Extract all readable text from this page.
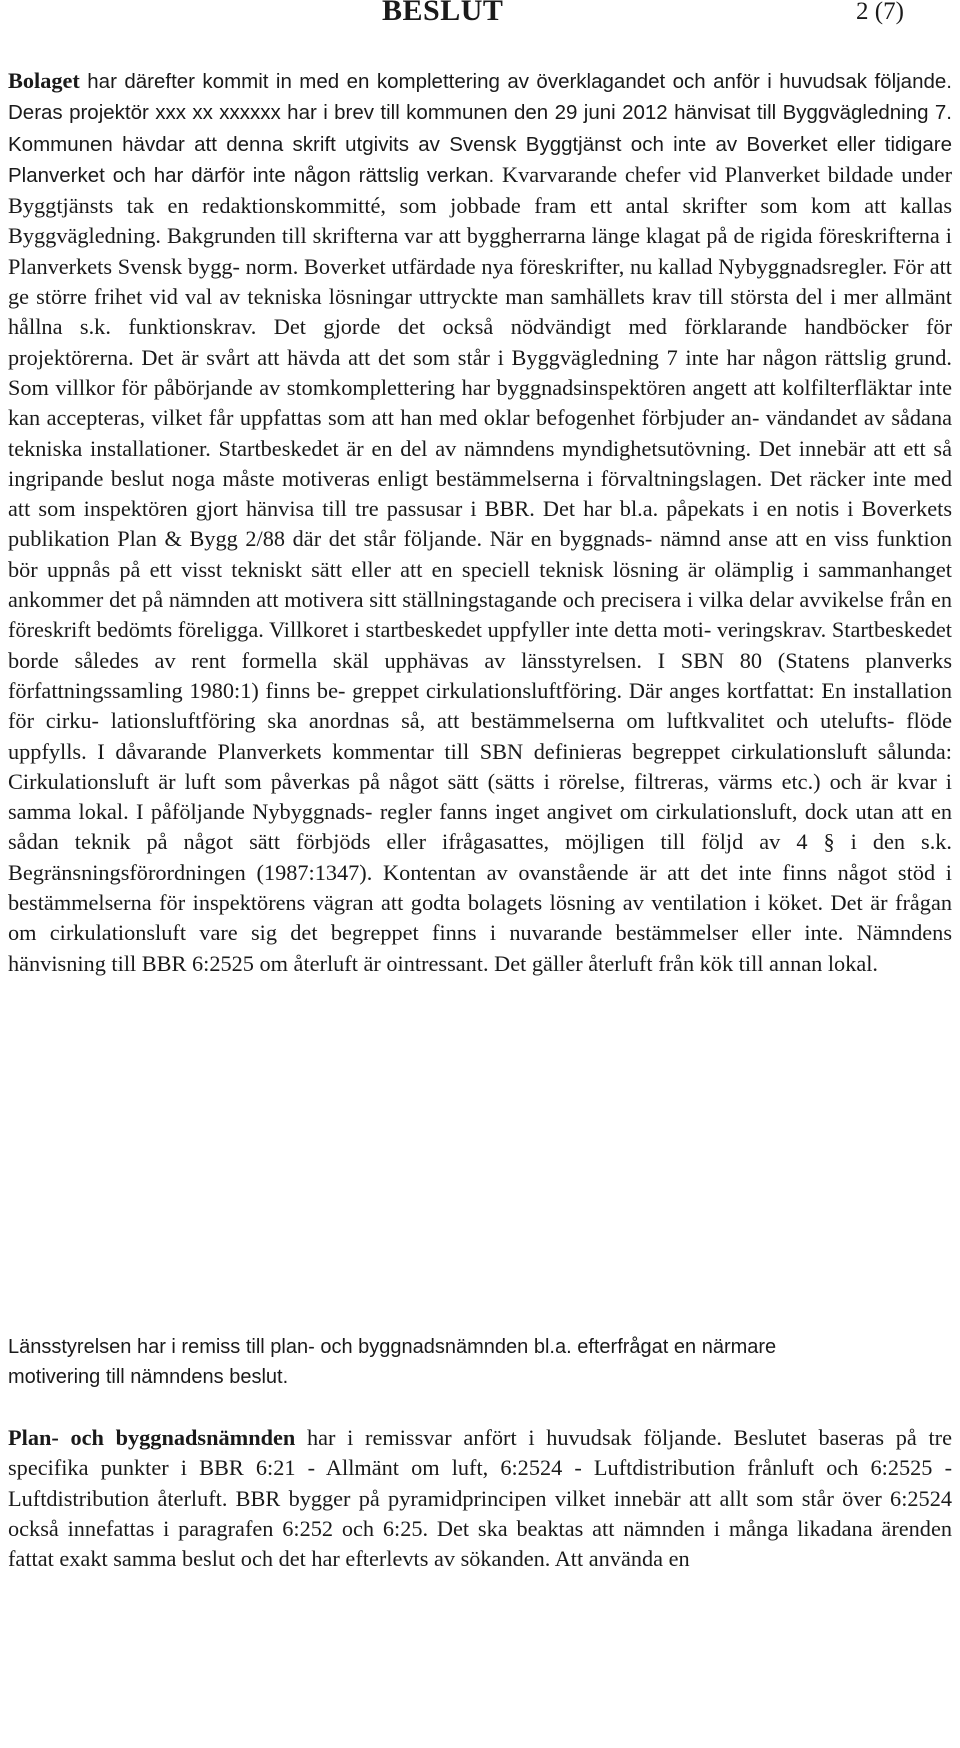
BESLUT	2 (7)

Bolaget har därefter kommit in med en komplettering av överklagandet och anför i huvudsak följande. Deras projektör xxx xx xxxxxx har i brev till kommunen den 29 juni 2012 hänvisat till Byggvägledning 7. Kommunen hävdar att denna skrift utgivits av Svensk Byggtjänst och inte av Boverket eller tidigare Planverket och har därför inte någon rättslig verkan. Kvarvarande chefer vid Planverket bildade under Byggtjänsts tak en redaktionskommitté, som jobbade fram ett antal skrifter som kom att kallas Byggvägledning. Bakgrunden till skrifterna var att byggherrarna länge klagat på de rigida föreskrifterna i Planverkets Svensk bygg- norm. Boverket utfärdade nya föreskrifter, nu kallad Nybyggnadsregler. För att ge större frihet vid val av tekniska lösningar uttryckte man samhällets krav till största del i mer allmänt hållna s.k. funktionskrav. Det gjorde det också nödvändigt med förklarande handböcker för projektörerna. Det är svårt att hävda att det som står i Byggvägledning 7 inte har någon rättslig grund. Som villkor för påbörjande av stomkomplettering har byggnadsinspektören angett att kolfilterfläktar inte kan accepteras, vilket får uppfattas som att han med oklar befogenhet förbjuder an- vändandet av sådana tekniska installationer. Startbeskedet är en del av nämndens myndighetsutövning. Det innebär att ett så ingripande beslut noga måste motiveras enligt bestämmelserna i förvaltningslagen. Det räcker inte med att som inspektören gjort hänvisa till tre passusar i BBR. Det har bl.a. påpekats i en notis i Boverkets publikation Plan & Bygg 2/88 där det står följande. När en byggnads- nämnd anse att en viss funktion bör uppnås på ett visst tekniskt sätt eller att en speciell teknisk lösning är olämplig i sammanhanget ankommer det på nämnden att motivera sitt ställningstagande och precisera i vilka delar avvikelse från en föreskrift bedömts föreligga. Villkoret i startbeskedet uppfyller inte detta moti- veringskrav. Startbeskedet borde således av rent formella skäl upphävas av länsstyrelsen. I SBN 80 (Statens planverks författningssamling 1980:1) finns be- greppet cirkulationsluftföring. Där anges kortfattat: En installation för cirku- lationsluftföring ska anordnas så, att bestämmelserna om luftkvalitet och utelufts- flöde uppfylls. I dåvarande Planverkets kommentar till SBN definieras begreppet cirkulationsluft sålunda: Cirkulationsluft är luft som påverkas på något sätt (sätts i rörelse, filtreras, värms etc.) och är kvar i samma lokal. I påföljande Nybyggnads- regler fanns inget angivet om cirkulationsluft, dock utan att en sådan teknik på något sätt förbjöds eller ifrågasattes, möjligen till följd av 4 § i den s.k. Begränsningsförordningen (1987:1347). Kontentan av ovanstående är att det inte finns något stöd i bestämmelserna för inspektörens vägran att godta bolagets lösning av ventilation i köket. Det är frågan om cirkulationsluft vare sig det begreppet finns i nuvarande bestämmelser eller inte. Nämndens hänvisning till BBR 6:2525 om återluft är ointressant. Det gäller återluft från kök till annan lokal.

Länsstyrelsen har i remiss till plan- och byggnadsnämnden bl.a. efterfrågat en närmare motivering till nämndens beslut.

Plan- och byggnadsnämnden har i remissvar anfört i huvudsak följande. Beslutet baseras på tre specifika punkter i BBR 6:21 - Allmänt om luft, 6:2524 - Luftdistribution frånluft och 6:2525 - Luftdistribution återluft. BBR bygger på pyramidprincipen vilket innebär att allt som står över 6:2524 också innefattas i paragrafen 6:252 och 6:25. Det ska beaktas att nämnden i många likadana ärenden fattat exakt samma beslut och det har efterlevts av sökanden. Att använda en
